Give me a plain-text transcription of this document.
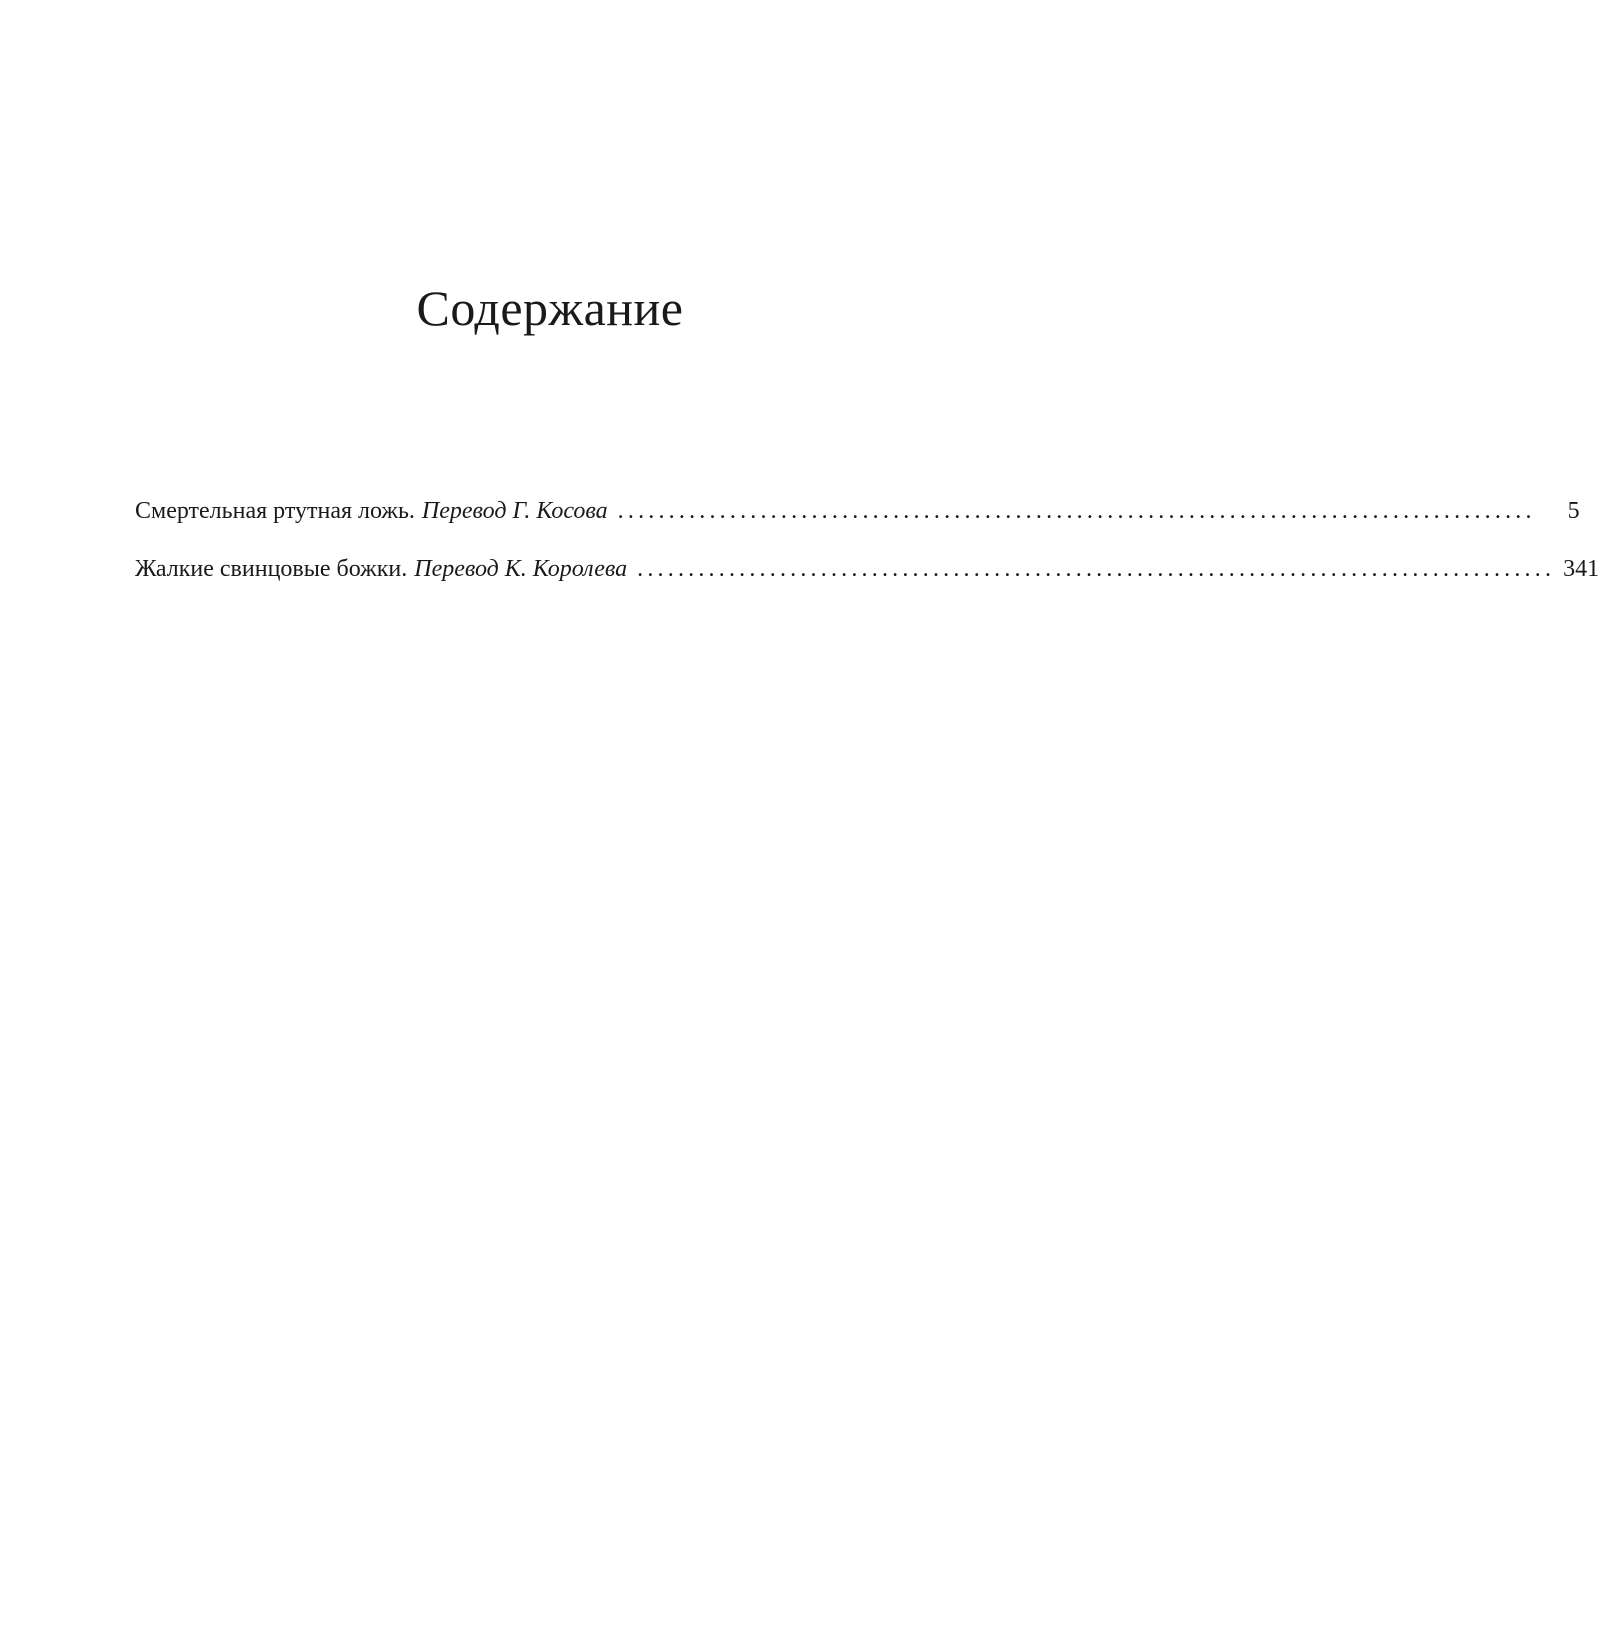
Содержание
Смертельная ртутная ложь. Перевод Г. Косова ..........................................................................................	5
Жалкие свинцовые божки. Перевод К. Королева .......................................................................................... 341
